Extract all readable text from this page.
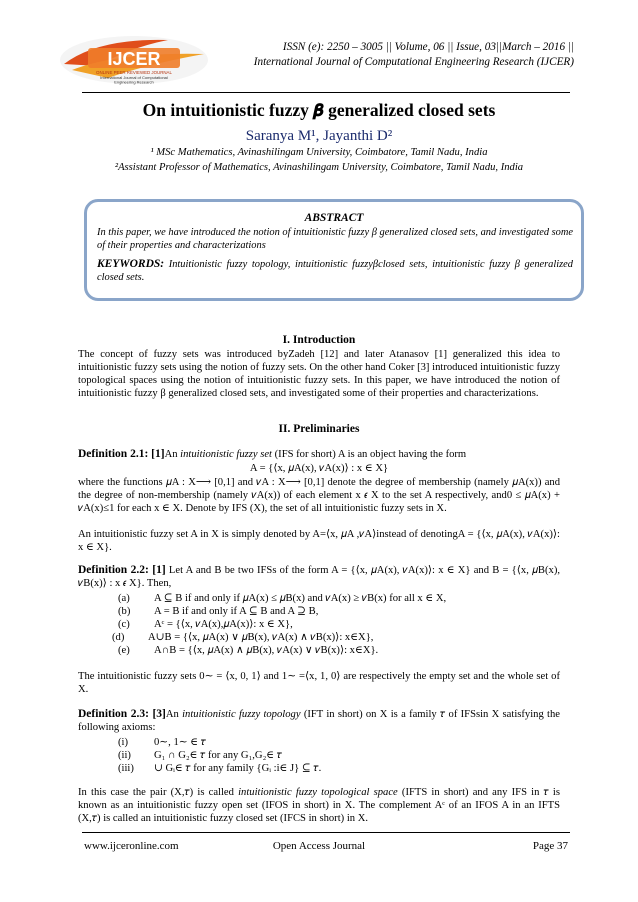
IJCER
ONLINE PEER REVIEWED JOURNAL
International Journal of Computational
Engineering Research
ISSN (e): 2250 – 3005 || Volume, 06 || Issue, 03||March – 2016 ||
International Journal of Computational Engineering Research (IJCER)
On intuitionistic fuzzy 𝜷 generalized closed sets
Saranya M¹, Jayanthi D²
¹ MSc Mathematics, Avinashilingam University, Coimbatore, Tamil Nadu, India
²Assistant Professor of Mathematics, Avinashilingam University, Coimbatore, Tamil Nadu, India
ABSTRACT
In this paper, we have introduced the notion of intuitionistic fuzzy β generalized closed sets, and investigated some of their properties and characterizations
KEYWORDS: Intuitionistic fuzzy topology, intuitionistic fuzzyβclosed sets, intuitionistic fuzzy β generalized closed sets.
I. Introduction
The concept of fuzzy sets was introduced byZadeh [12] and later Atanasov [1] generalized this idea to intuitionistic fuzzy sets using the notion of fuzzy sets. On the other hand Coker [3] introduced intuitionistic fuzzy topological spaces using the notion of intuitionistic fuzzy sets. In this paper, we have introduced the notion of intuitionistic fuzzy β generalized closed sets, and investigated some of their properties and characterizations.
II. Preliminaries
Definition 2.1: [1]An intuitionistic fuzzy set (IFS for short) A is an object having the form
A = {⟨x, 𝜇A(x), 𝜈A(x)⟩ : x ∈ X}
where the functions 𝜇A : X⟶ [0,1] and 𝜈A : X⟶ [0,1] denote the degree of membership (namely 𝜇A(x)) and the degree of non-membership (namely 𝜈A(x)) of each element x 𝜖 X to the set A respectively, and0 ≤ 𝜇A(x) + 𝜈A(x)≤1 for each x ∈ X. Denote by IFS (X), the set of all intuitionistic fuzzy sets in X.
An intuitionistic fuzzy set A in X is simply denoted by A=⟨x, 𝜇A ,𝜈A⟩instead of denotingA = {⟨x, 𝜇A(x), 𝜈A(x)⟩: x ∈ X}.
Definition 2.2: [1] Let A and B be two IFSs of the form A = {⟨x, 𝜇A(x), 𝜈A(x)⟩: x ∈ X} and B = {⟨x, 𝜇B(x), 𝜈B(x)⟩ : x 𝜖 X}. Then,
(a) A ⊆ B if and only if 𝜇A(x) ≤ 𝜇B(x) and 𝜈A(x) ≥ 𝜈B(x) for all x ∈ X,
(b) A = B if and only if A ⊆ B and A ⊇ B,
(c) Aᶜ = {⟨x, 𝜈A(x),𝜇A(x)⟩: x ∈ X},
(d) A∪B = {⟨x, 𝜇A(x) ∨ 𝜇B(x), 𝜈A(x) ∧ 𝜈B(x)⟩: x∈X},
(e) A∩B = {⟨x, 𝜇A(x) ∧ 𝜇B(x), 𝜈A(x) ∨ 𝜈B(x)⟩: x∈X}.
The intuitionistic fuzzy sets 0∼ = ⟨x, 0, 1⟩ and 1∼ =⟨x, 1, 0⟩ are respectively the empty set and the whole set of X.
Definition 2.3: [3]An intuitionistic fuzzy topology (IFT in short) on X is a family 𝜏 of IFSsin X satisfying the following axioms:
(i) 0∼, 1∼ ∈ 𝜏
(ii) G₁ ∩ G₂∈ 𝜏 for any G₁,G₂∈ 𝜏
(iii) ∪ Gᵢ∈ 𝜏 for any family {Gᵢ :i∈ J} ⊆ 𝜏.
In this case the pair (X,𝜏) is called intuitionistic fuzzy topological space (IFTS in short) and any IFS in 𝜏 is known as an intuitionistic fuzzy open set (IFOS in short) in X. The complement Aᶜ of an IFOS A in an IFTS (X,𝜏) is called an intuitionistic fuzzy closed set (IFCS in short) in X.
www.ijceronline.com	Open Access Journal	Page 37
